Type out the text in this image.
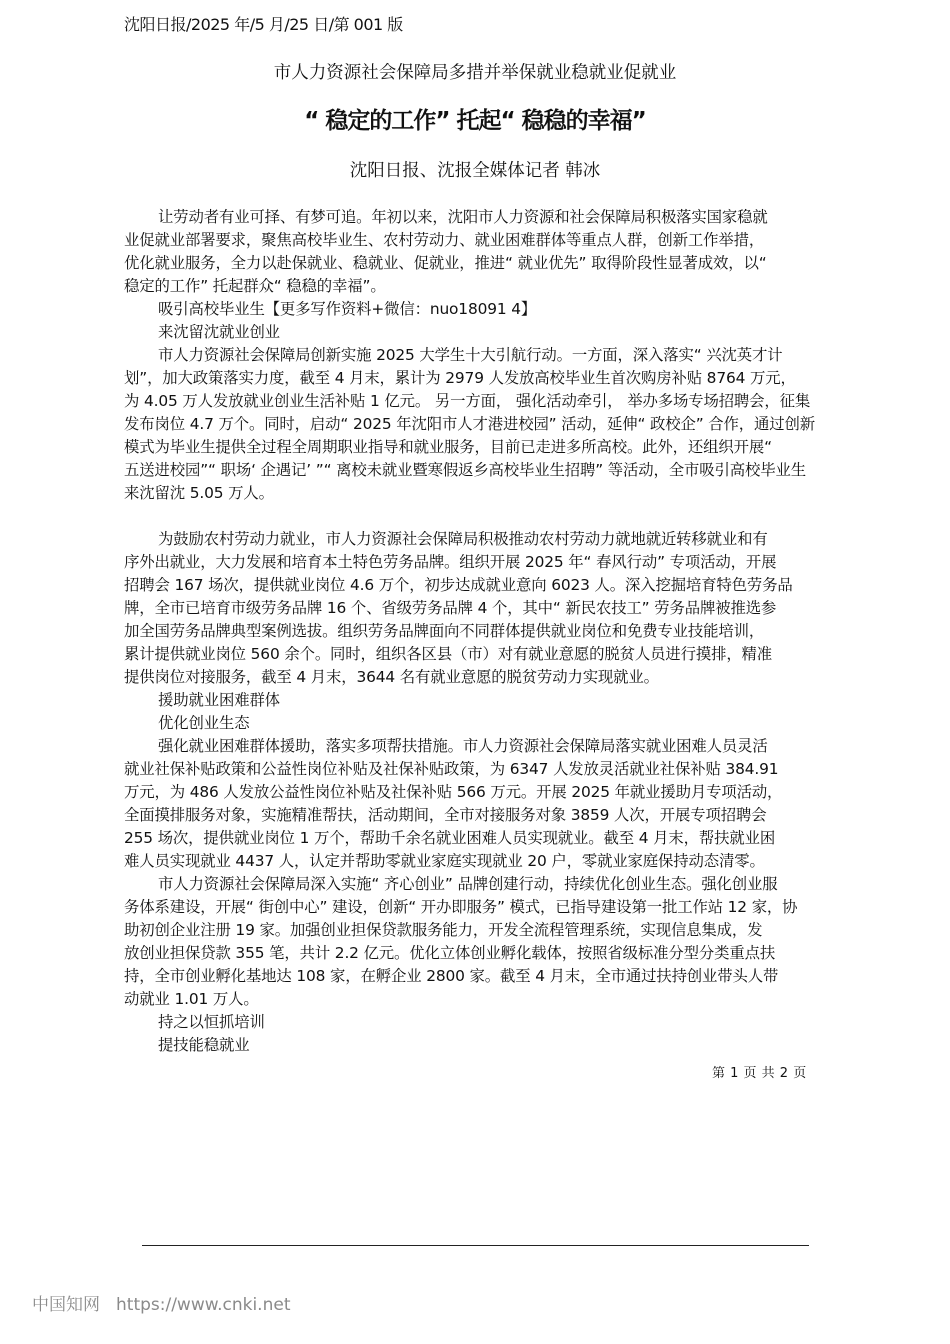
沈阳日报/2025 年/5 月/25 日/第 001 版
市人力资源社会保障局多措并举保就业稳就业促就业
“ 稳定的工作” 托起“ 稳稳的幸福”
沈阳日报、沈报全媒体记者 韩冰
让劳动者有业可择、有梦可追。年初以来，沈阳市人力资源和社会保障局积极落实国家稳就
业促就业部署要求，聚焦高校毕业生、农村劳动力、就业困难群体等重点人群，创新工作举措，
优化就业服务，全力以赴保就业、稳就业、促就业，推进“ 就业优先” 取得阶段性显著成效，以“
稳定的工作” 托起群众“ 稳稳的幸福”。
吸引高校毕业生【更多写作资料+微信：nuo18091 4】
来沈留沈就业创业
市人力资源社会保障局创新实施 2025 大学生十大引航行动。一方面，深入落实“ 兴沈英才计
划”，加大政策落实力度，截至 4 月末，累计为 2979 人发放高校毕业生首次购房补贴 8764 万元，
为 4.05 万人发放就业创业生活补贴 1 亿元。 另一方面， 强化活动牵引， 举办多场专场招聘会，征集
发布岗位 4.7 万个。同时，启动“ 2025 年沈阳市人才港进校园” 活动，延伸“ 政校企” 合作，通过创新
模式为毕业生提供全过程全周期职业指导和就业服务，目前已走进多所高校。此外，还组织开展“
五送进校园”“ 职场‘ 企遇记’ ”“ 离校未就业暨寒假返乡高校毕业生招聘” 等活动，全市吸引高校毕业生
来沈留沈 5.05 万人。
为鼓励农村劳动力就业，市人力资源社会保障局积极推动农村劳动力就地就近转移就业和有
序外出就业，大力发展和培育本土特色劳务品牌。组织开展 2025 年“ 春风行动” 专项活动，开展
招聘会 167 场次，提供就业岗位 4.6 万个，初步达成就业意向 6023 人。深入挖掘培育特色劳务品
牌，全市已培育市级劳务品牌 16 个、省级劳务品牌 4 个，其中“ 新民农技工” 劳务品牌被推选参
加全国劳务品牌典型案例选拔。组织劳务品牌面向不同群体提供就业岗位和免费专业技能培训，
累计提供就业岗位 560 余个。同时，组织各区县（市）对有就业意愿的脱贫人员进行摸排，精准
提供岗位对接服务，截至 4 月末，3644 名有就业意愿的脱贫劳动力实现就业。
援助就业困难群体
优化创业生态
强化就业困难群体援助，落实多项帮扶措施。市人力资源社会保障局落实就业困难人员灵活
就业社保补贴政策和公益性岗位补贴及社保补贴政策，为 6347 人发放灵活就业社保补贴 384.91
万元，为 486 人发放公益性岗位补贴及社保补贴 566 万元。开展 2025 年就业援助月专项活动，
全面摸排服务对象，实施精准帮扶，活动期间，全市对接服务对象 3859 人次，开展专项招聘会
255 场次，提供就业岗位 1 万个，帮助千余名就业困难人员实现就业。截至 4 月末，帮扶就业困
难人员实现就业 4437 人，认定并帮助零就业家庭实现就业 20 户，零就业家庭保持动态清零。
市人力资源社会保障局深入实施“ 齐心创业” 品牌创建行动，持续优化创业生态。强化创业服
务体系建设，开展“ 街创中心” 建设，创新“ 开办即服务” 模式，已指导建设第一批工作站 12 家，协
助初创企业注册 19 家。加强创业担保贷款服务能力，开发全流程管理系统，实现信息集成，发
放创业担保贷款 355 笔，共计 2.2 亿元。优化立体创业孵化载体，按照省级标准分型分类重点扶
持，全市创业孵化基地达 108 家，在孵企业 2800 家。截至 4 月末，全市通过扶持创业带头人带
动就业 1.01 万人。
持之以恒抓培训
提技能稳就业
第 1 页 共 2 页
中国知网 https://www.cnki.net
